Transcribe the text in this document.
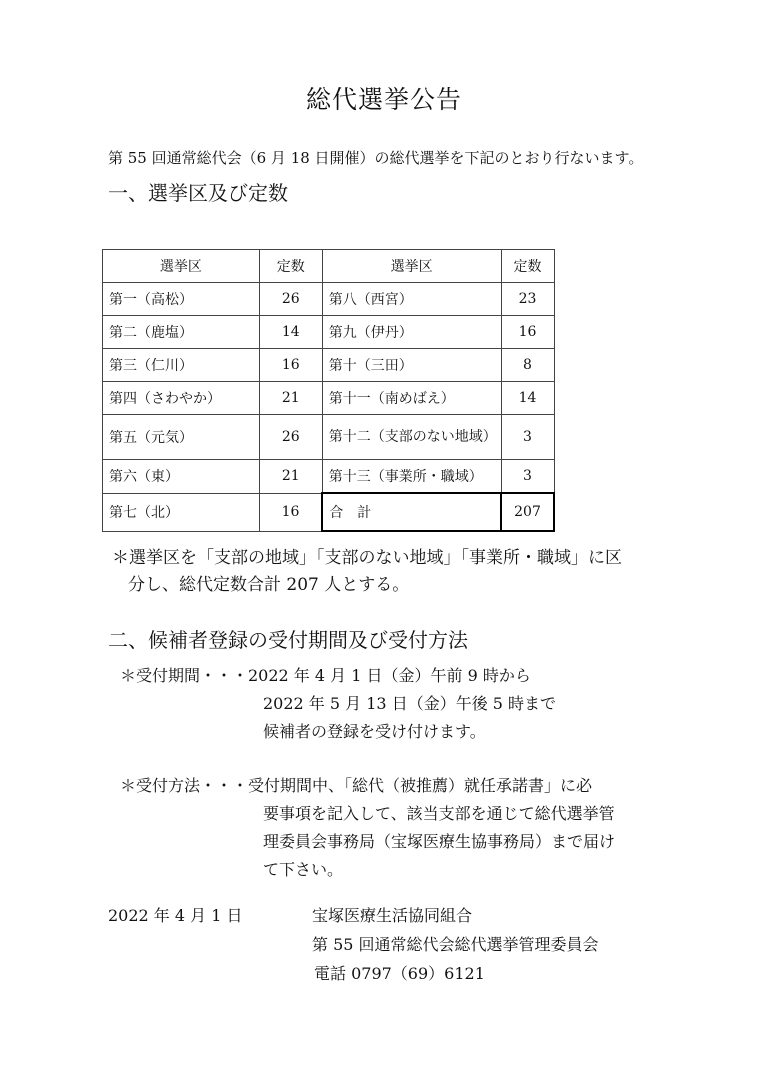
総代選挙公告
第 55 回通常総代会（6 月 18 日開催）の総代選挙を下記のとおり行ないます。
一、選挙区及び定数
選挙区	定数	選挙区	定数
第一（高松）	26	第八（西宮）	23
第二（鹿塩）	14	第九（伊丹）	16
第三（仁川）	16	第十（三田）	8
第四（さわやか）	21	第十一（南めばえ）	14
第五（元気）	26	第十二（支部のない地域）	3
第六（東）	21	第十三（事業所・職域）	3
第七（北）	16	合　計	207
＊選挙区を「支部の地域」「支部のない地域」「事業所・職域」に区
分し、総代定数合計 207 人とする。
二、候補者登録の受付期間及び受付方法
＊受付期間・・・2022 年 4 月 1 日（金）午前 9 時から
2022 年 5 月 13 日（金）午後 5 時まで
候補者の登録を受け付けます。
＊受付方法・・・受付期間中、「総代（被推薦）就任承諾書」に必
要事項を記入して、該当支部を通じて総代選挙管
理委員会事務局（宝塚医療生協事務局）まで届け
て下さい。
2022 年 4 月 1 日	宝塚医療生活協同組合
第 55 回通常総代会総代選挙管理委員会
電話 0797（69）6121
